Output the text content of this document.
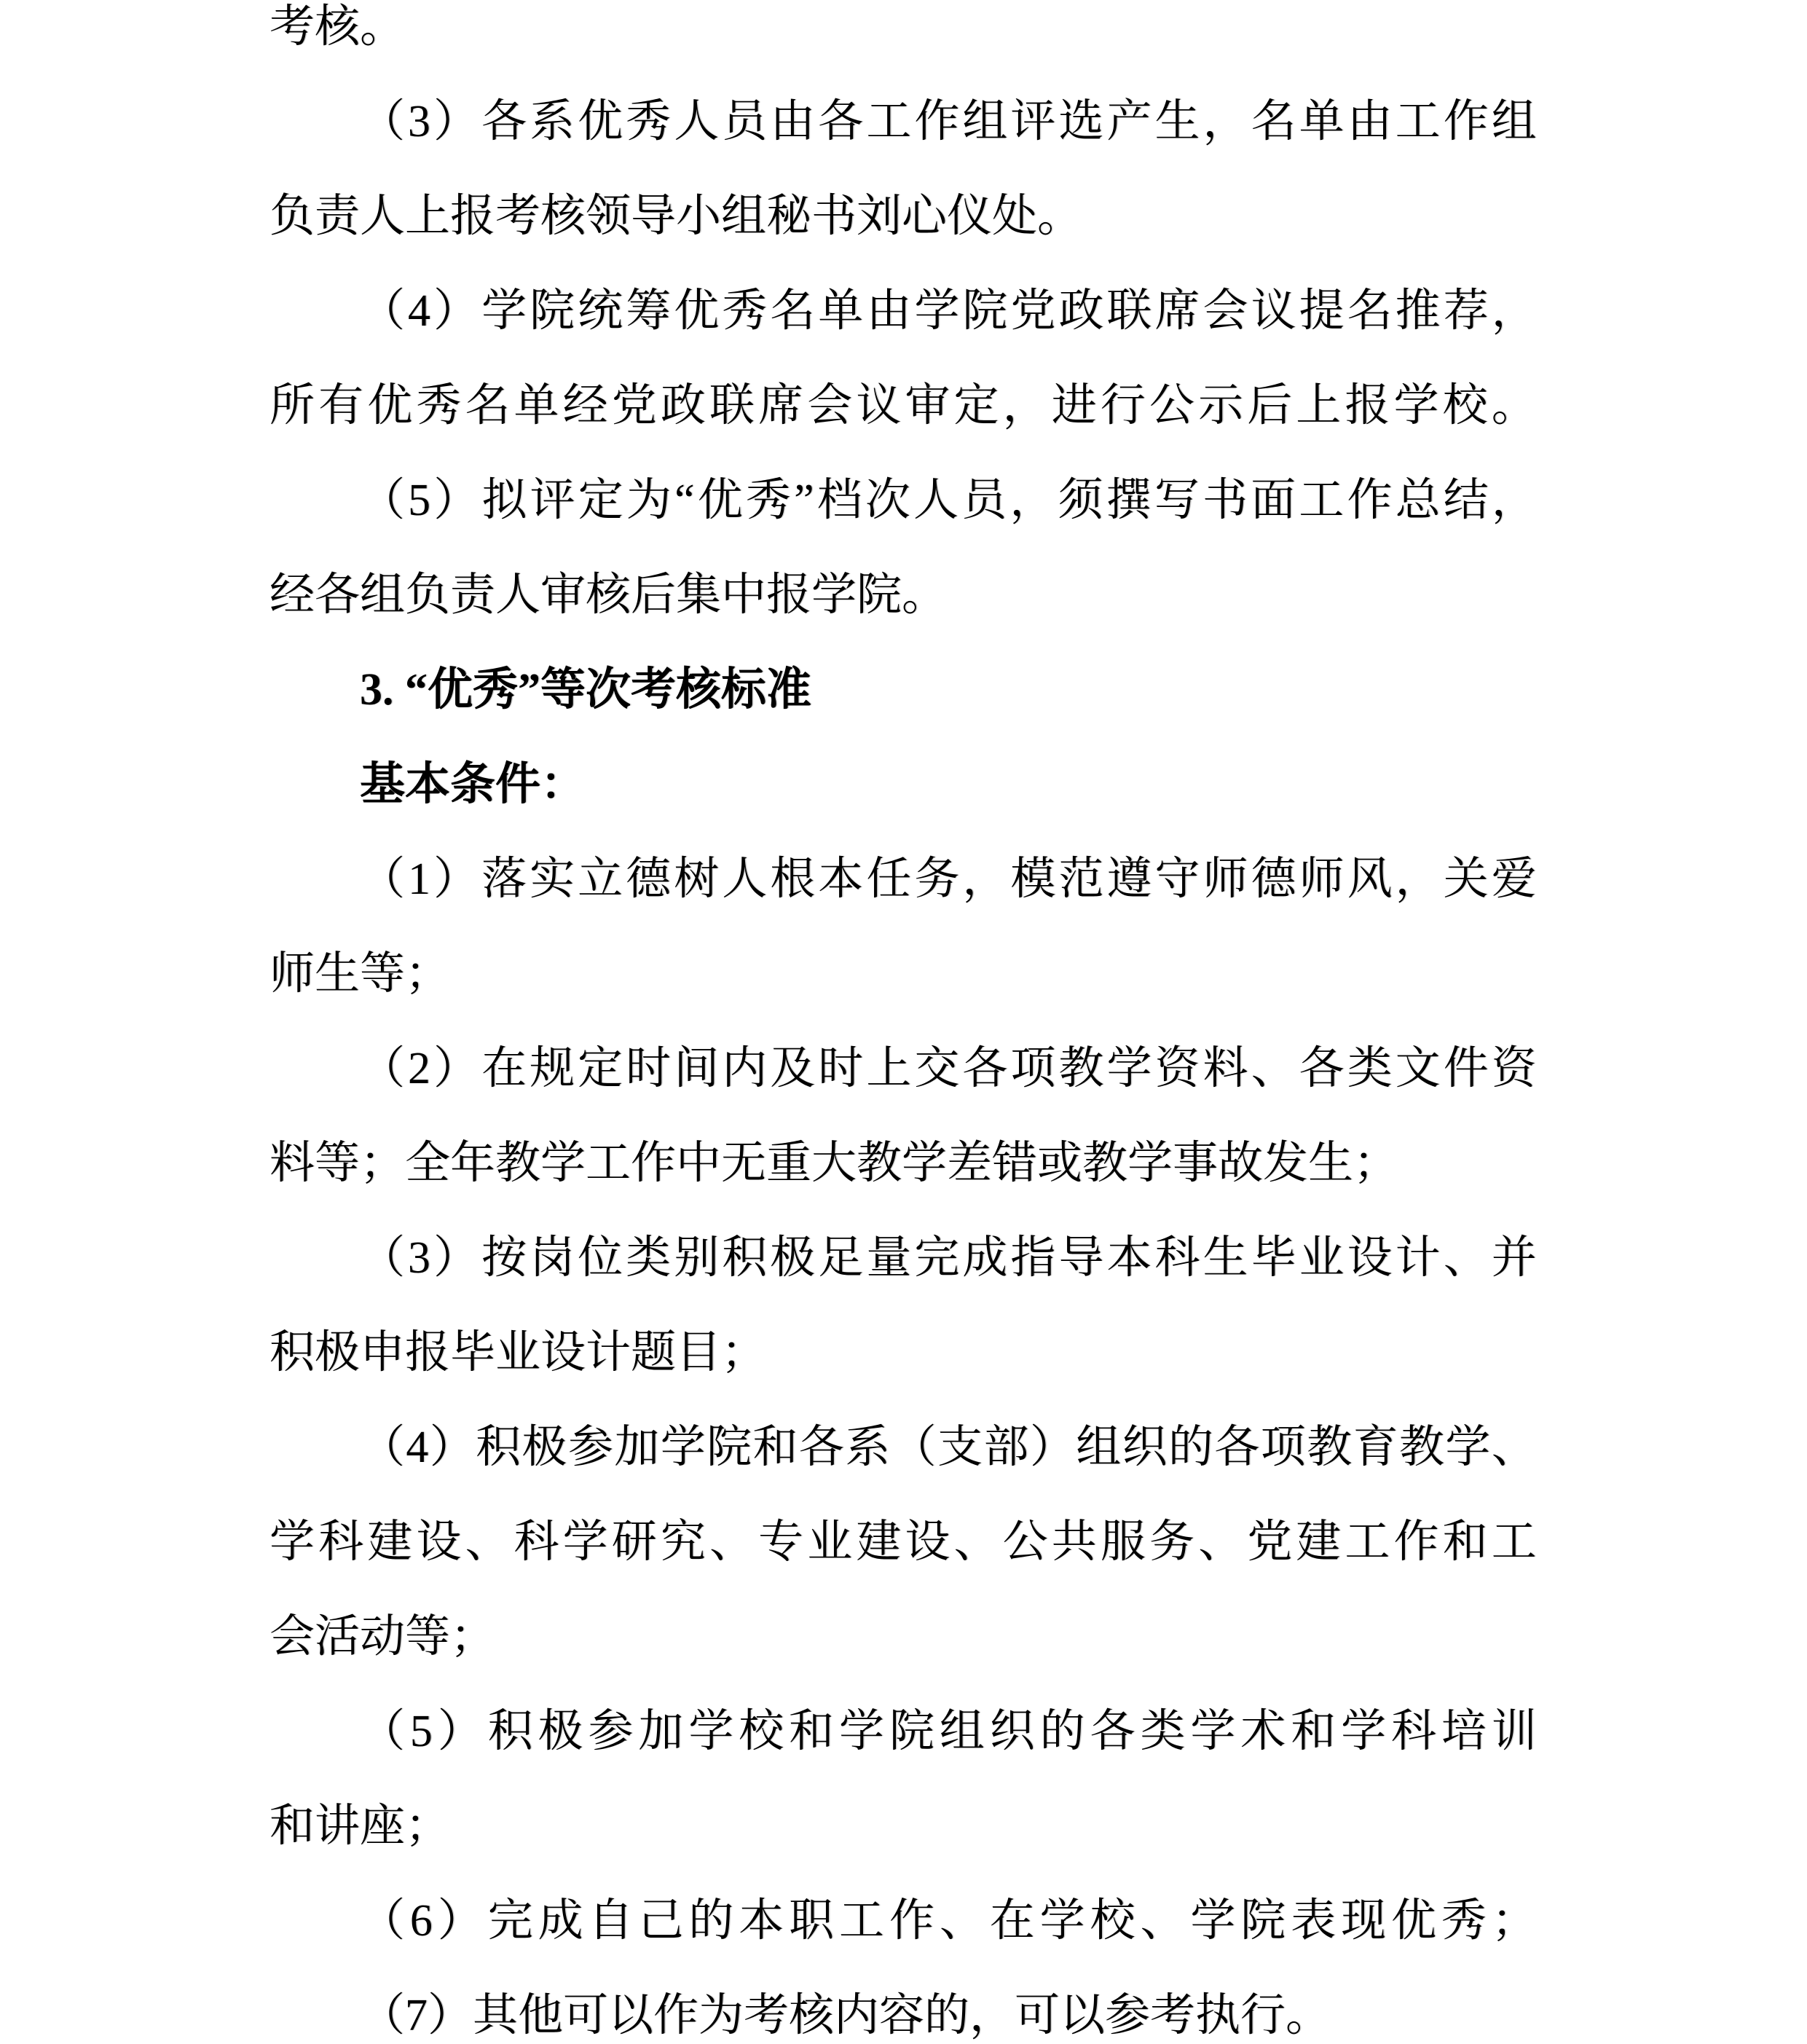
考核。
（ 3 ） 各 系 优 秀 人 员 由 各 工 作 组 评 选 产 生 ， 名 单 由 工 作 组
负责人上报考核领导小组秘书刘心仪处。
（ 4 ） 学 院 统 筹 优 秀 名 单 由 学 院 党 政 联 席 会 议 提 名 推 荐 ，
所 有 优 秀 名 单 经 党 政 联 席 会 议 审 定 ， 进 行 公 示 后 上 报 学 校 。
（ 5 ） 拟 评 定 为 “ 优 秀 ” 档 次 人 员 ， 须 撰 写 书 面 工 作 总 结 ，
经各组负责人审核后集中报学院。
3. “优秀”等次考核标准
基本条件：
（ 1 ） 落 实 立 德 树 人 根 本 任 务 ， 模 范 遵 守 师 德 师 风 ， 关 爱
师生等；
（ 2 ） 在 规 定 时 间 内 及 时 上 交 各 项 教 学 资 料 、 各 类 文 件 资
料等；全年教学工作中无重大教学差错或教学事故发生；
（ 3 ） 按 岗 位 类 别 积 极 足 量 完 成 指 导 本 科 生 毕 业 设 计 、 并
积极申报毕业设计题目；
（ 4 ） 积 极 参 加 学 院 和 各 系 （ 支 部 ） 组 织 的 各 项 教 育 教 学 、
学 科 建 设 、 科 学 研 究 、 专 业 建 设 、 公 共 服 务 、 党 建 工 作 和 工
会活动等；
（ 5 ） 积 极 参 加 学 校 和 学 院 组 织 的 各 类 学 术 和 学 科 培 训
和讲座；
（ 6 ） 完 成 自 己 的 本 职 工 作 、 在 学 校 、 学 院 表 现 优 秀 ；
（7）其他可以作为考核内容的，可以参考执行。
